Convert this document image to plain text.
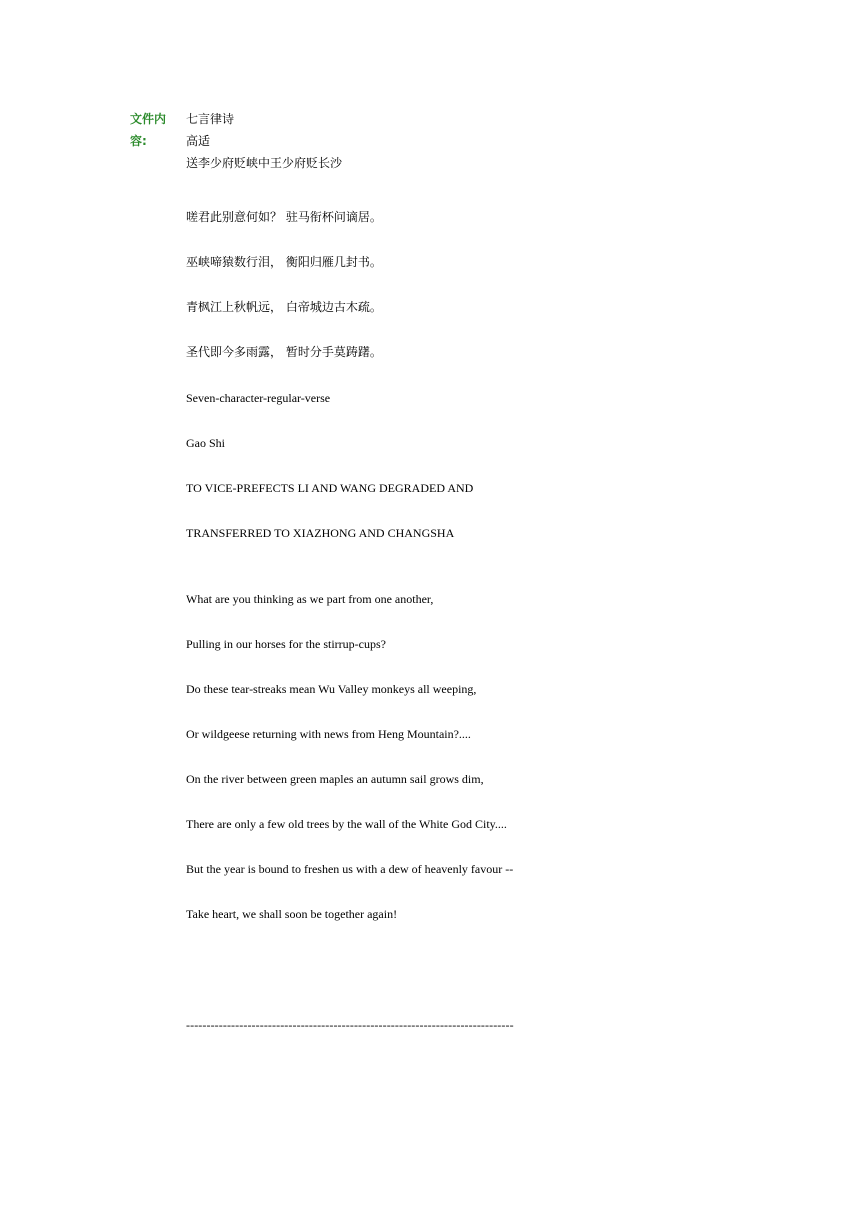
文件内
容:
七言律诗
高适
送李少府贬峡中王少府贬长沙
嗟君此别意何如？ 驻马衔杯问谪居。
巫峡啼猿数行泪， 衡阳归雁几封书。
青枫江上秋帆远， 白帝城边古木疏。
圣代即今多雨露， 暂时分手莫踌躇。
Seven-character-regular-verse
Gao Shi
TO VICE-PREFECTS LI AND WANG DEGRADED AND
TRANSFERRED TO XIAZHONG AND CHANGSHA
What are you thinking as we part from one another,
Pulling in our horses for the stirrup-cups?
Do these tear-streaks mean Wu Valley monkeys all weeping,
Or wildgeese returning with news from Heng Mountain?....
On the river between green maples an autumn sail grows dim,
There are only a few old trees by the wall of the White God City....
But the year is bound to freshen us with a dew of heavenly favour --
Take heart, we shall soon be together again!
--------------------------------------------------------------------------------
